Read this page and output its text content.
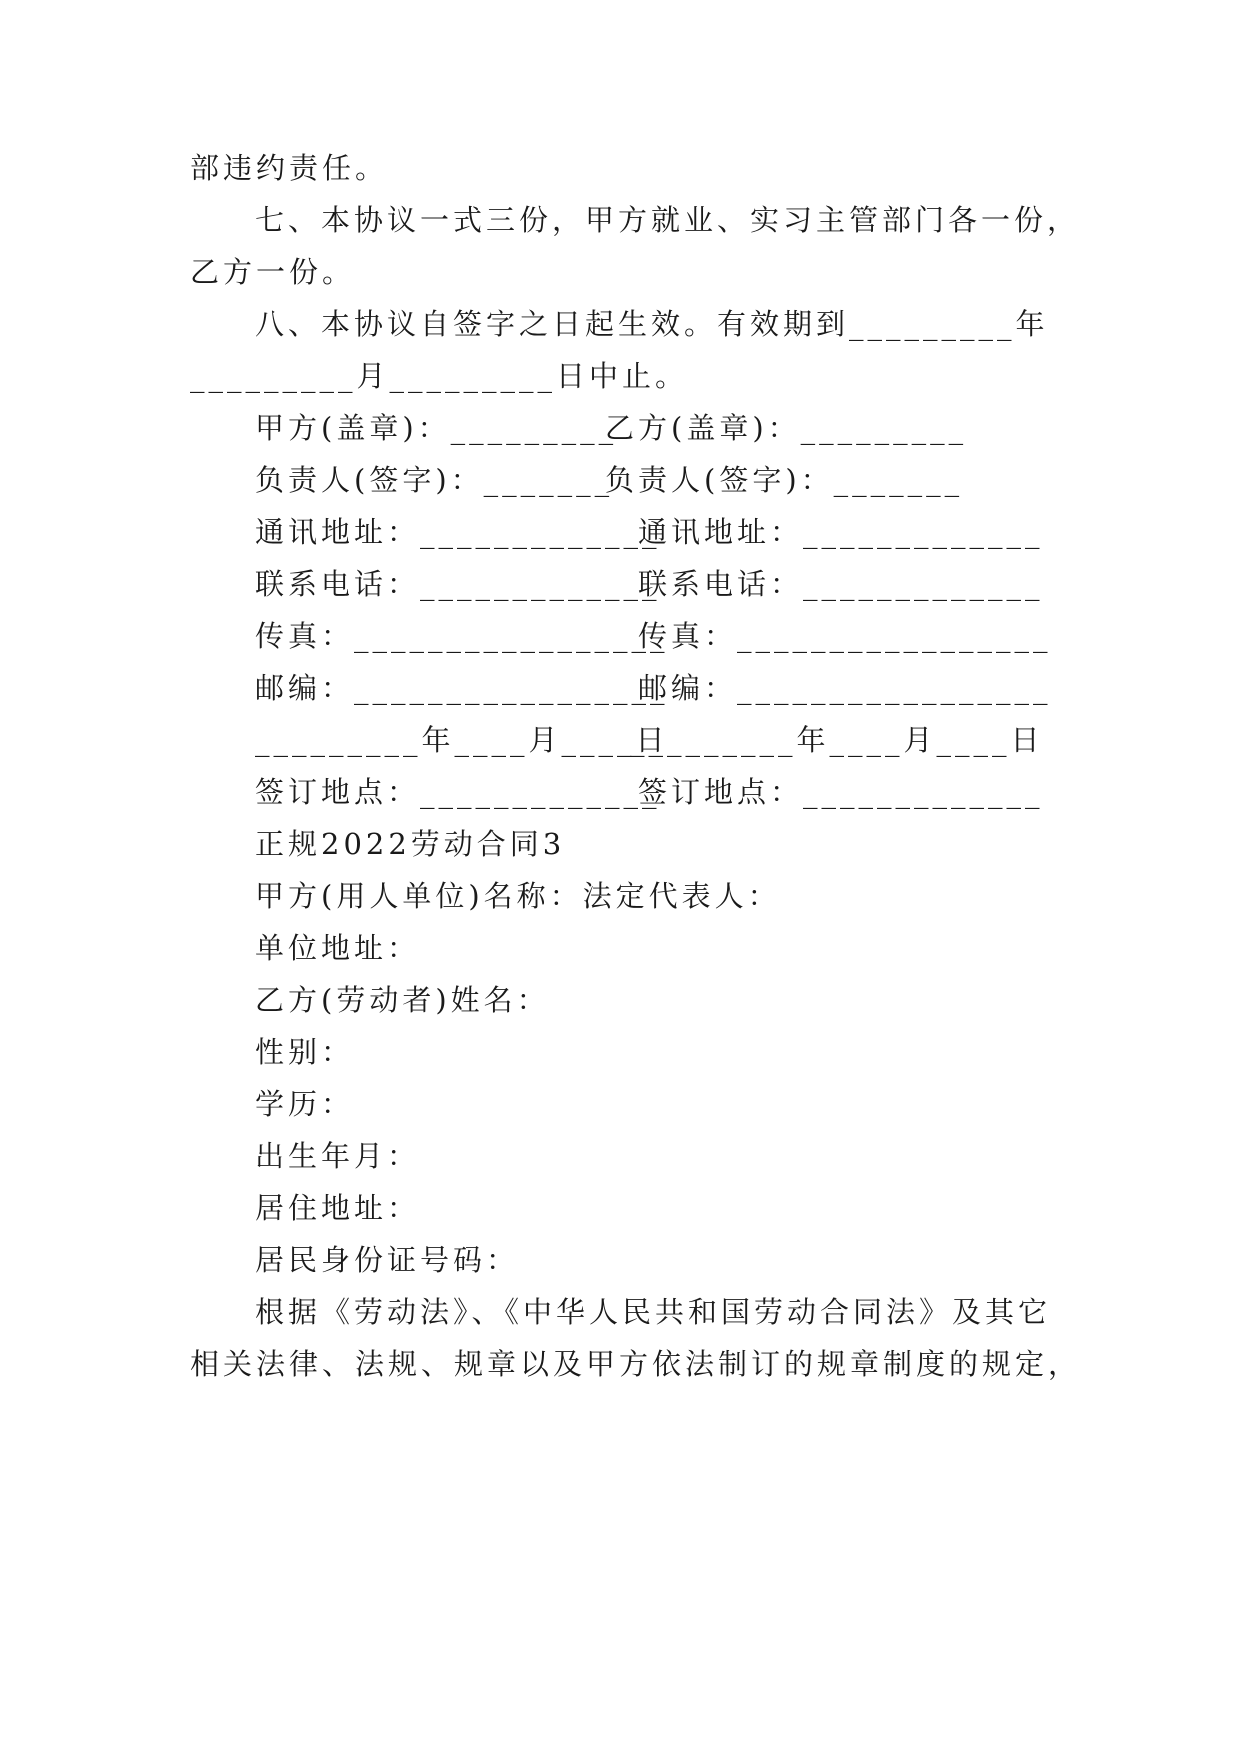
部违约责任。
七、本协议一式三份，甲方就业、实习主管部门各一份，
乙方一份。
八、本协议自签字之日起生效。有效期到_________年
_________月_________日中止。
甲方(盖章)：_________
乙方(盖章)：_________
负责人(签字)：_______
负责人(签字)：_______
通讯地址：_____________
通讯地址：_____________
联系电话：_____________
联系电话：_____________
传真：_________________
传真：_________________
邮编：_________________
邮编：_________________
_________年____月____日
_________年____月____日
签订地点：_____________
签订地点：_____________
正规2022劳动合同3
甲方(用人单位)名称：法定代表人：
单位地址：
乙方(劳动者)姓名：
性别：
学历：
出生年月：
居住地址：
居民身份证号码：
根据《劳动法》、《中华人民共和国劳动合同法》及其它
相关法律、法规、规章以及甲方依法制订的规章制度的规定，
